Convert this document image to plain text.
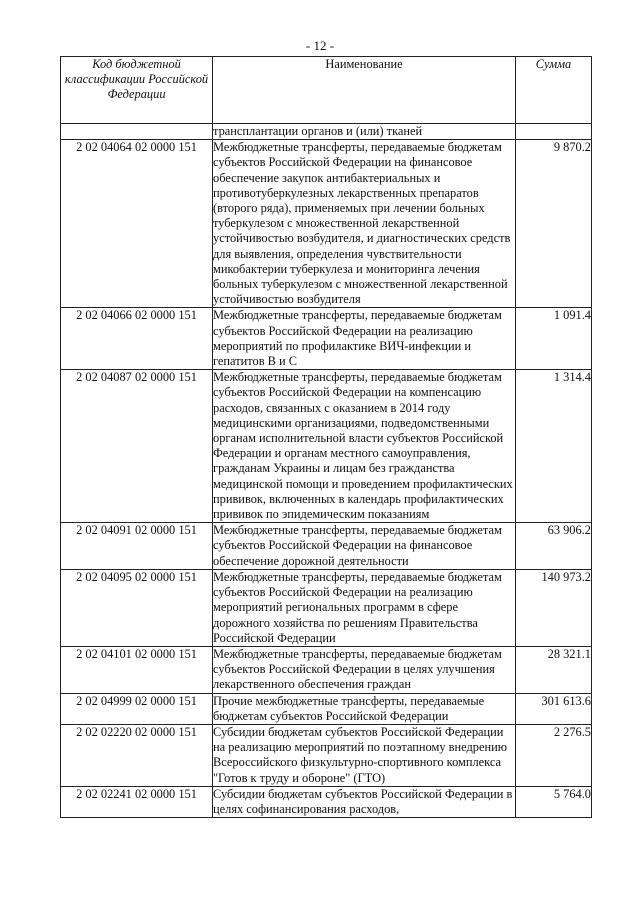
- 12 -
Код бюджетной классификации Российской Федерации	Наименование	Сумма
	трансплантации органов и (или) тканей	
2 02 04064 02 0000 151	Межбюджетные трансферты, передаваемые бюджетам субъектов Российской Федерации на финансовое обеспечение закупок антибактериальных и противотуберкулезных лекарственных препаратов (второго ряда), применяемых при лечении больных туберкулезом с множественной лекарственной устойчивостью возбудителя, и диагностических средств для выявления, определения чувствительности микобактерии туберкулеза и мониторинга лечения больных туберкулезом с множественной лекарственной устойчивостью возбудителя	9 870.2
2 02 04066 02 0000 151	Межбюджетные трансферты, передаваемые бюджетам субъектов Российской Федерации на реализацию мероприятий по профилактике ВИЧ-инфекции и гепатитов В и С	1 091.4
2 02 04087 02 0000 151	Межбюджетные трансферты, передаваемые бюджетам субъектов Российской Федерации на компенсацию расходов, связанных с оказанием в 2014 году медицинскими организациями, подведомственными органам исполнительной власти субъектов Российской Федерации и органам местного самоуправления, гражданам Украины и лицам без гражданства медицинской помощи и проведением профилактических прививок, включенных в календарь профилактических прививок по эпидемическим показаниям	1 314.4
2 02 04091 02 0000 151	Межбюджетные трансферты, передаваемые бюджетам субъектов Российской Федерации на финансовое обеспечение дорожной деятельности	63 906.2
2 02 04095 02 0000 151	Межбюджетные трансферты, передаваемые бюджетам субъектов Российской Федерации на реализацию мероприятий региональных программ в сфере дорожного хозяйства по решениям Правительства Российской Федерации	140 973.2
2 02 04101 02 0000 151	Межбюджетные трансферты, передаваемые бюджетам субъектов Российской Федерации в целях улучшения лекарственного обеспечения граждан	28 321.1
2 02 04999 02 0000 151	Прочие межбюджетные трансферты, передаваемые бюджетам субъектов Российской Федерации	301 613.6
2 02 02220 02 0000 151	Субсидии бюджетам субъектов Российской Федерации на реализацию мероприятий по поэтапному внедрению Всероссийского физкультурно-спортивного комплекса "Готов к труду и обороне" (ГТО)	2 276.5
2 02 02241 02 0000 151	Субсидии бюджетам субъектов Российской Федерации в целях софинансирования расходов,	5 764.0
